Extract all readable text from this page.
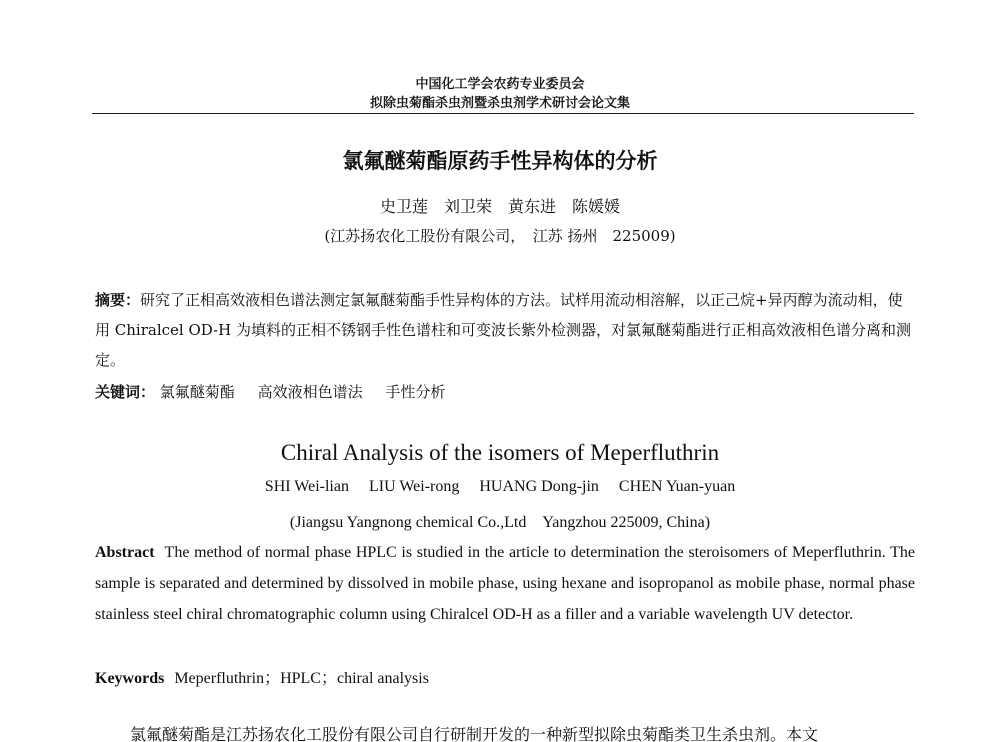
中国化工学会农药专业委员会
拟除虫菊酯杀虫剂暨杀虫剂学术研讨会论文集
氯氟醚菊酯原药手性异构体的分析
史卫莲　刘卫荣　黄东进　陈媛媛
(江苏扬农化工股份有限公司，　江苏 扬州　225009)
摘要：研究了正相高效液相色谱法测定氯氟醚菊酯手性异构体的方法。试样用流动相溶解，以正己烷+异丙醇为流动相，使用 Chiralcel OD-H 为填料的正相不锈钢手性色谱柱和可变波长紫外检测器，对氯氟醚菊酯进行正相高效液相色谱分离和测定。
关键词： 氯氟醚菊酯 高效液相色谱法 手性分析
Chiral Analysis of the isomers of Meperfluthrin
SHI Wei-lian LIU Wei-rong HUANG Dong-jin CHEN Yuan-yuan
(Jiangsu Yangnong chemical Co.,Ltd　Yangzhou 225009, China)
Abstract The method of normal phase HPLC is studied in the article to determination the steroisomers of Meperfluthrin. The sample is separated and determined by dissolved in mobile phase, using hexane and isopropanol as mobile phase, normal phase stainless steel chiral chromatographic column using Chiralcel OD-H as a filler and a variable wavelength UV detector.
Keywords Meperfluthrin；HPLC；chiral analysis
氯氟醚菊酯是江苏扬农化工股份有限公司自行研制开发的一种新型拟除虫菊酯类卫生杀虫剂。本文
